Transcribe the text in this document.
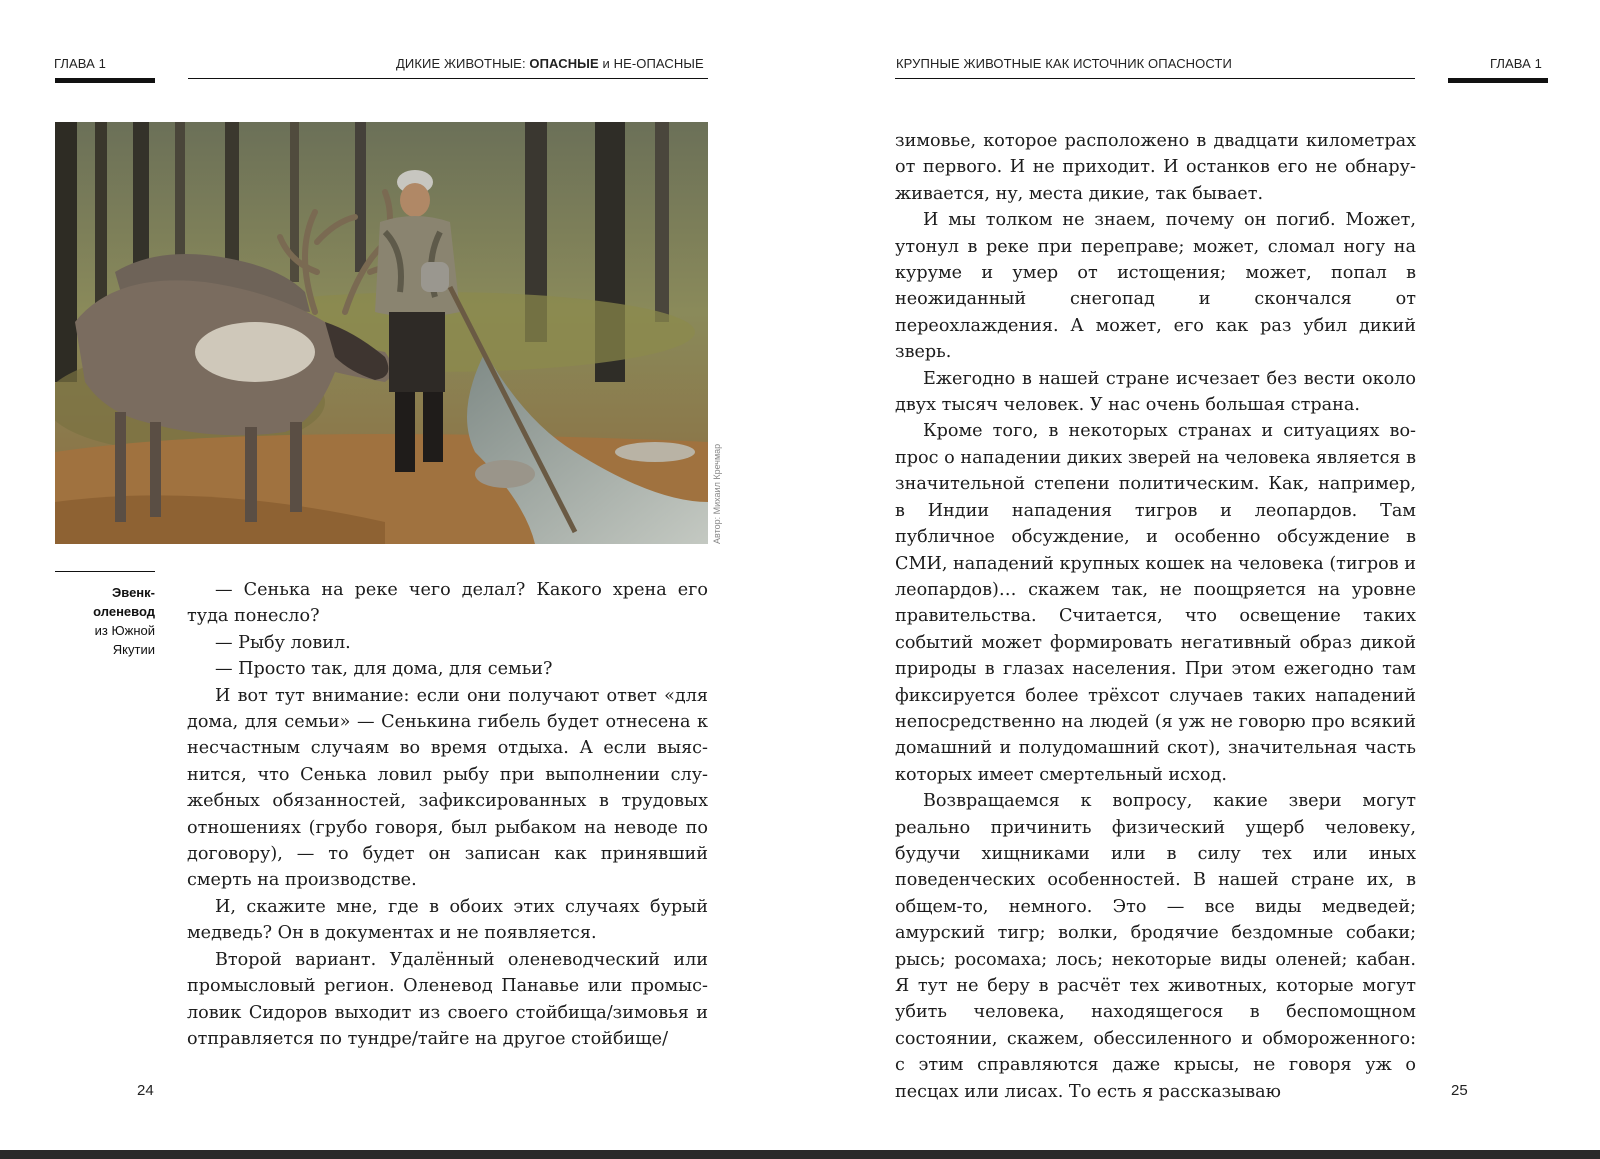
ГЛАВА 1	ДИКИЕ ЖИВОТНЫЕ: ОПАСНЫЕ и НЕ-ОПАСНЫЕ
Автор: Михаил Кречмар
Эвенк-
оленевод
из Южной
Якутии

— Сенька на реке чего делал? Какого хрена его туда понесло?

— Рыбу ловил.

— Просто так, для дома, для семьи?

И вот тут внимание: если они получают ответ «для дома, для семьи» — Сенькина гибель будет отнесена к несчастным случаям во время отдыха. А если выяснится, что Сенька ловил рыбу при выполнении служебных обязанностей, зафиксированных в трудовых отношениях (грубо говоря, был рыбаком на неводе по договору), — то будет он записан как принявший смерть на производстве.

И, скажите мне, где в обоих этих случаях бурый медведь? Он в документах и не появляется.

Второй вариант. Удалённый оленеводческий или промысловый регион. Оленевод Панавье или промысловик Сидоров выходит из своего стойбища/зимовья и отправляется по тундре/тайге на другое стойбище/

24
КРУПНЫЕ ЖИВОТНЫЕ КАК ИСТОЧНИК ОПАСНОСТИ	ГЛАВА 1

зимовье, которое расположено в двадцати километрах от первого. И не приходит. И останков его не обнаруживается, ну, места дикие, так бывает.

И мы толком не знаем, почему он погиб. Может, утонул в реке при переправе; может, сломал ногу на куруме и умер от истощения; может, попал в неожиданный снегопад и скончался от переохлаждения. А может, его как раз убил дикий зверь.

Ежегодно в нашей стране исчезает без вести около двух тысяч человек. У нас очень большая страна.

Кроме того, в некоторых странах и ситуациях вопрос о нападении диких зверей на человека является в значительной степени политическим. Как, например, в Индии нападения тигров и леопардов. Там публичное обсуждение, и особенно обсуждение в СМИ, нападений крупных кошек на человека (тигров и леопардов)… скажем так, не поощряется на уровне правительства. Считается, что освещение таких событий может формировать негативный образ дикой природы в глазах населения. При этом ежегодно там фиксируется более трёхсот случаев таких нападений непосредственно на людей (я уж не говорю про всякий домашний и полудомашний скот), значительная часть которых имеет смертельный исход.

Возвращаемся к вопросу, какие звери могут реально причинить физический ущерб человеку, будучи хищниками или в силу тех или иных поведенческих особенностей. В нашей стране их, в общем-то, немного. Это — все виды медведей; амурский тигр; волки, бродячие бездомные собаки; рысь; росомаха; лось; некоторые виды оленей; кабан. Я тут не беру в расчёт тех животных, которые могут убить человека, находящегося в беспомощном состоянии, скажем, обессиленного и обмороженного: с этим справляются даже крысы, не говоря уж о песцах или лисах. То есть я рассказываю	25
